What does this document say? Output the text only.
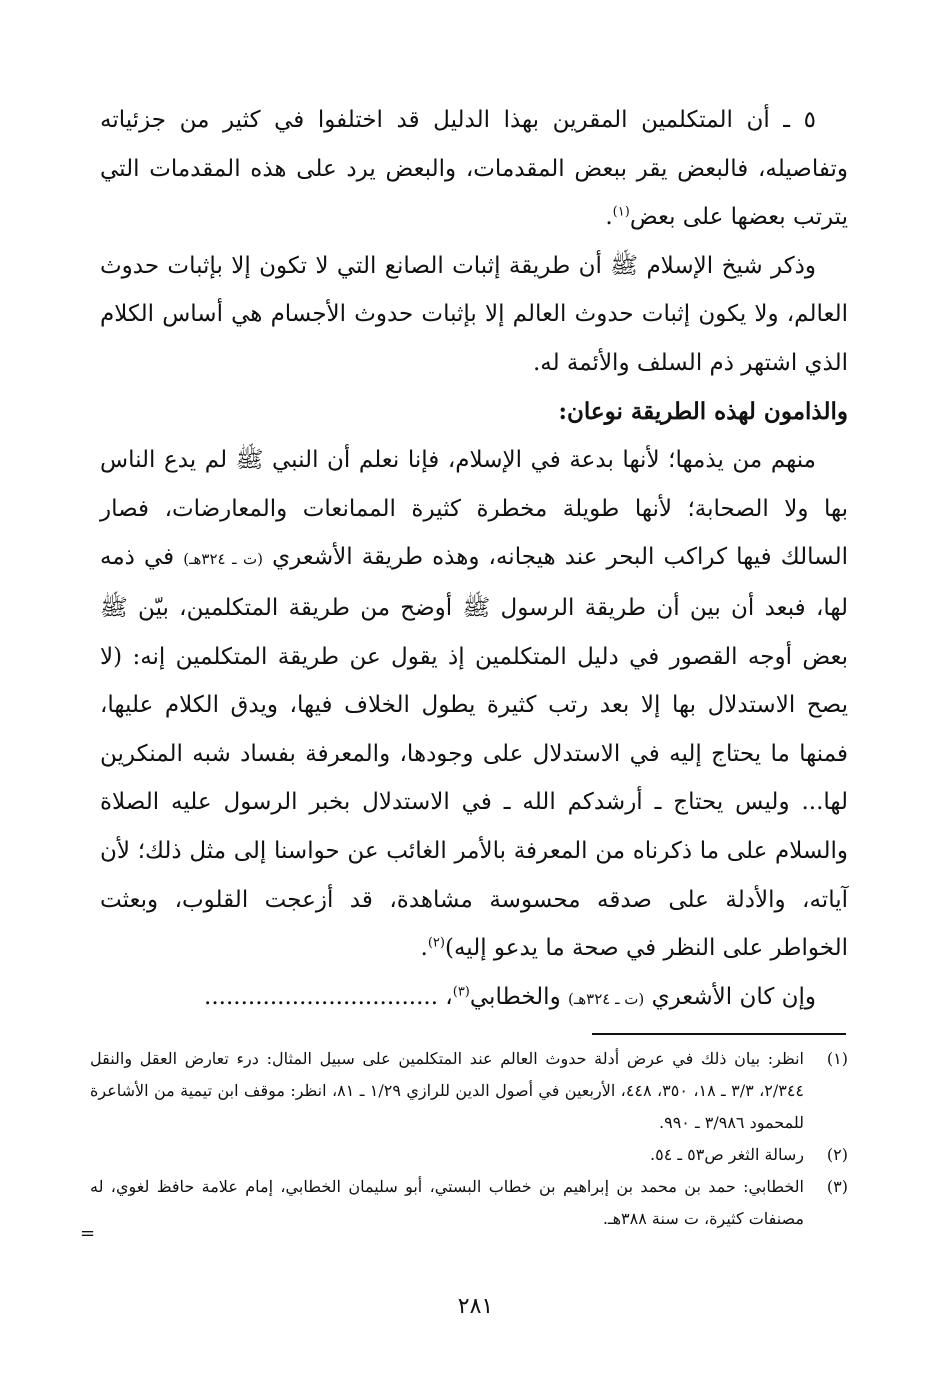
٥ ـ أن المتكلمين المقرين بهذا الدليل قد اختلفوا في كثير من جزئياته وتفاصيله، فالبعض يقر ببعض المقدمات، والبعض يرد على هذه المقدمات التي يترتب بعضها على بعض$^{(١)}$.

وذكر شيخ الإسلام ﷺ أن طريقة إثبات الصانع التي لا تكون إلا بإثبات حدوث العالم، ولا يكون إثبات حدوث العالم إلا بإثبات حدوث الأجسام هي أساس الكلام الذي اشتهر ذم السلف والأئمة له.

والذامون لهذه الطريقة نوعان:

منهم من يذمها؛ لأنها بدعة في الإسلام، فإنا نعلم أن النبي ﷺ لم يدع الناس بها ولا الصحابة؛ لأنها طويلة مخطرة كثيرة الممانعات والمعارضات، فصار السالك فيها كراكب البحر عند هيجانه، وهذه طريقة الأشعري (ت ـ ٣٢٤هـ) في ذمه لها، فبعد أن بين أن طريقة الرسول ﷺ أوضح من طريقة المتكلمين، بيّن ﷺ بعض أوجه القصور في دليل المتكلمين إذ يقول عن طريقة المتكلمين إنه: (لا يصح الاستدلال بها إلا بعد رتب كثيرة يطول الخلاف فيها، ويدق الكلام عليها، فمنها ما يحتاج إليه في الاستدلال على وجودها، والمعرفة بفساد شبه المنكرين لها... وليس يحتاج ـ أرشدكم الله ـ في الاستدلال بخبر الرسول عليه الصلاة والسلام على ما ذكرناه من المعرفة بالأمر الغائب عن حواسنا إلى مثل ذلك؛ لأن آياته، والأدلة على صدقه محسوسة مشاهدة، قد أزعجت القلوب، وبعثت الخواطر على النظر في صحة ما يدعو إليه)$^{(٢)}$.

وإن كان الأشعري (ت ـ ٣٢٤هـ) والخطابي$^{(٣)}$، ................................

(١)
انظر: بيان ذلك في عرض أدلة حدوث العالم عند المتكلمين على سبيل المثال: درء تعارض العقل والنقل ٢/٣٤٤، ٣/٣ ـ ١٨، ٣٥٠، ٤٤٨، الأربعين في أصول الدين للرازي ١/٢٩ ـ ٨١، انظر: موقف ابن تيمية من الأشاعرة للمحمود ٣/٩٨٦ ـ ٩٩٠.
(٢)
رسالة الثغر ص٥٣ ـ ٥٤.
(٣)
الخطابي: حمد بن محمد بن إبراهيم بن خطاب البستي، أبو سليمان الخطابي، إمام علامة حافظ لغوي، له مصنفات كثيرة، ت سنة ٣٨٨هـ.
=
٢٨١
